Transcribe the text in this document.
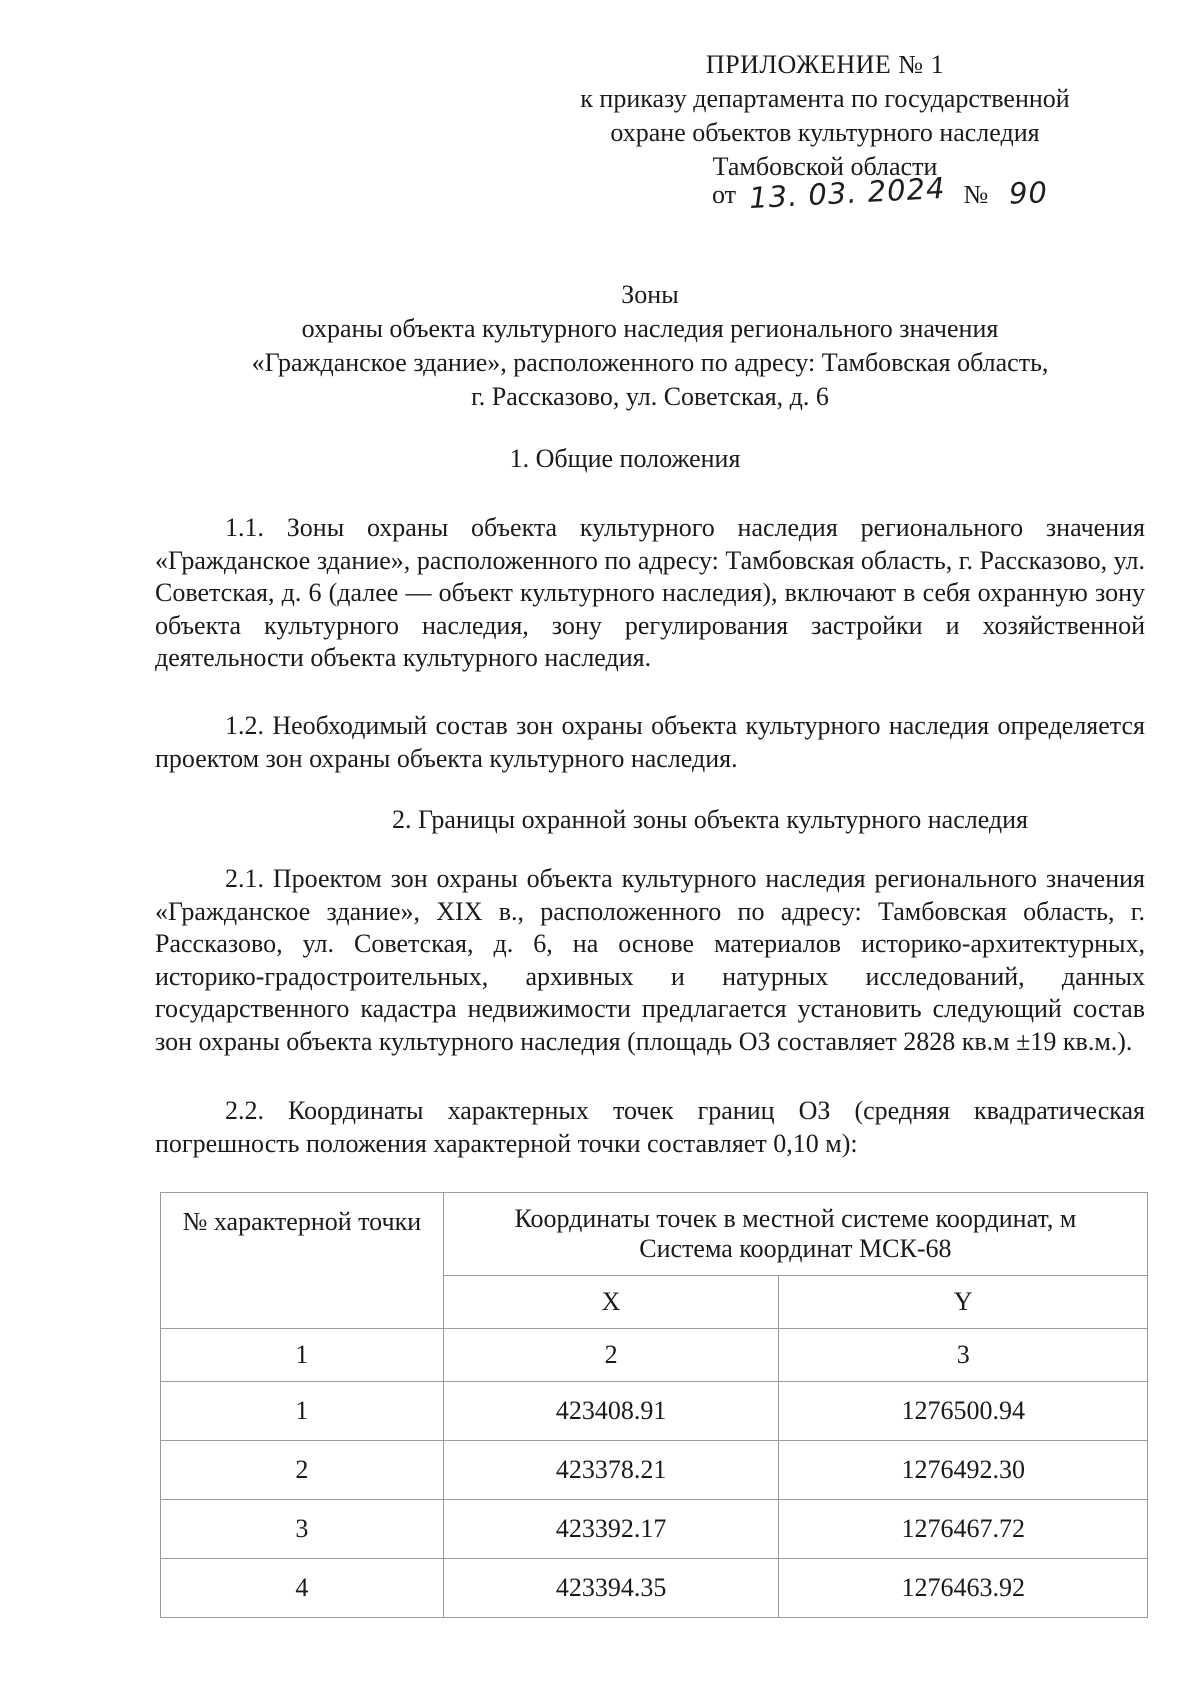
ПРИЛОЖЕНИЕ № 1
к приказу департамента по государственной
охране объектов культурного наследия
Тамбовской области
от 13. 03. 2024 № 90
Зоны
охраны объекта культурного наследия регионального значения
«Гражданское здание», расположенного по адресу: Тамбовская область,
г. Рассказово, ул. Советская, д. 6
1. Общие положения

1.1. Зоны охраны объекта культурного наследия регионального значения «Гражданское здание», расположенного по адресу: Тамбовская область, г. Рассказово, ул. Советская, д. 6 (далее — объект культурного наследия), включают в себя охранную зону объекта культурного наследия, зону регулирования застройки и хозяйственной деятельности объекта культурного наследия.

1.2. Необходимый состав зон охраны объекта культурного наследия определяется проектом зон охраны объекта культурного наследия.

2. Границы охранной зоны объекта культурного наследия

2.1. Проектом зон охраны объекта культурного наследия регионального значения «Гражданское здание», XIX в., расположенного по адресу: Тамбовская область, г. Рассказово, ул. Советская, д. 6, на основе материалов историко-архитектурных, историко-градостроительных, архивных и натурных исследований, данных государственного кадастра недвижимости предлагается установить следующий состав зон охраны объекта культурного наследия (площадь ОЗ составляет 2828 кв.м ±19 кв.м.).

2.2. Координаты характерных точек границ ОЗ (средняя квадратическая погрешность положения характерной точки составляет 0,10 м):

№ характерной точки	Координаты точек в местной системе координат, м
Система координат МСК-68	

	X	Y
1	2	3
1	423408.91	1276500.94
2	423378.21	1276492.30
3	423392.17	1276467.72
4	423394.35	1276463.92
